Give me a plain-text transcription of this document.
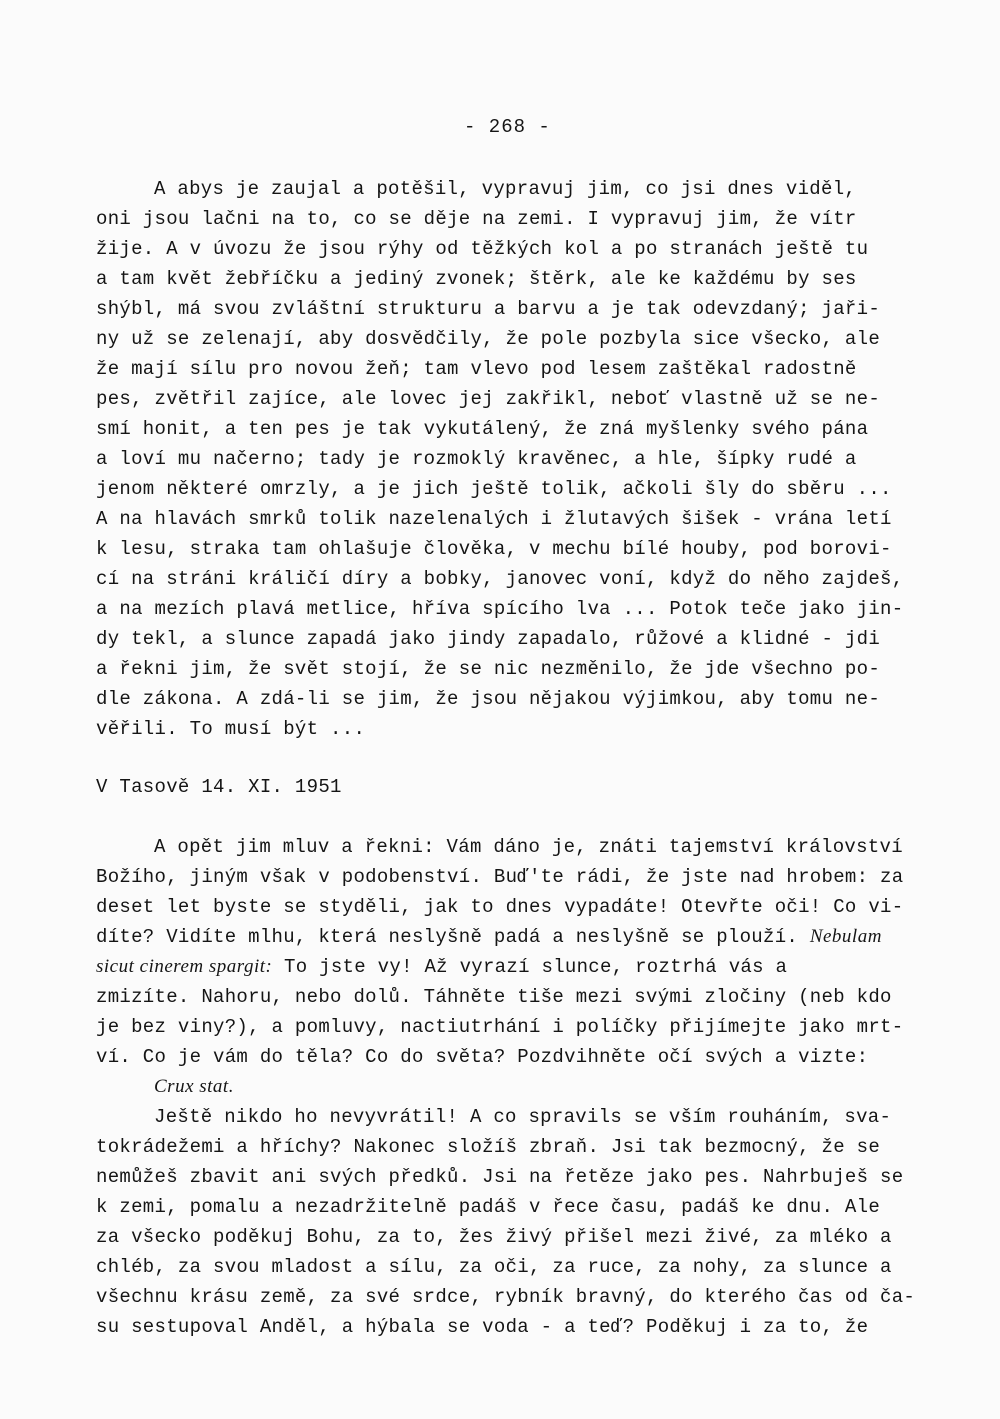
- 268 -
A abys je zaujal a potěšil, vypravuj jim, co jsi dnes viděl,
oni jsou lačni na to, co se děje na zemi. I vypravuj jim, že vítr
žije. A v úvozu že jsou rýhy od těžkých kol a po stranách ještě tu
a tam květ žebříčku a jediný zvonek; štěrk, ale ke každému by ses
shýbl, má svou zvláštní strukturu a barvu a je tak odevzdaný; jaři-
ny už se zelenají, aby dosvědčily, že pole pozbyla sice všecko, ale
že mají sílu pro novou žeň; tam vlevo pod lesem zaštěkal radostně
pes, zvětřil zajíce, ale lovec jej zakřikl, neboť vlastně už se ne-
smí honit, a ten pes je tak vykutálený, že zná myšlenky svého pána
a loví mu načerno; tady je rozmoklý kravěnec, a hle, šípky rudé a
jenom některé omrzly, a je jich ještě tolik, ačkoli šly do sběru ...
A na hlavách smrků tolik nazelenalých i žlutavých šišek - vrána letí
k lesu, straka tam ohlašuje člověka, v mechu bílé houby, pod borovi-
cí na stráni králičí díry a bobky, janovec voní, když do něho zajdeš,
a na mezích plavá metlice, hříva spícího lva ... Potok teče jako jin-
dy tekl, a slunce zapadá jako jindy zapadalo, růžové a klidné - jdi
a řekni jim, že svět stojí, že se nic nezměnilo, že jde všechno po-
dle zákona. A zdá-li se jim, že jsou nějakou výjimkou, aby tomu ne-
věřili. To musí být ...
V Tasově 14. XI. 1951
A opět jim mluv a řekni: Vám dáno je, znáti tajemství království
Božího, jiným však v podobenství. Buď'te rádi, že jste nad hrobem: za
deset let byste se styděli, jak to dnes vypadáte! Otevřte oči! Co vi-
díte? Vidíte mlhu, která neslyšně padá a neslyšně se plouží. Nebulam
sicut cinerem spargit: To jste vy! Až vyrazí slunce, roztrhá vás a
zmizíte. Nahoru, nebo dolů. Táhněte tiše mezi svými zločiny (neb kdo
je bez viny?), a pomluvy, nactiutrhání i políčky přijímejte jako mrt-
ví. Co je vám do těla? Co do světa? Pozdvihněte očí svých a vizte:
Crux stat.
Ještě nikdo ho nevyvrátil! A co spravils se vším rouháním, sva-
tokrádežemi a hříchy? Nakonec složíš zbraň. Jsi tak bezmocný, že se
nemůžeš zbavit ani svých předků. Jsi na řetěze jako pes. Nahrbuješ se
k zemi, pomalu a nezadržitelně padáš v řece času, padáš ke dnu. Ale
za všecko poděkuj Bohu, za to, žes živý přišel mezi živé, za mléko a
chléb, za svou mladost a sílu, za oči, za ruce, za nohy, za slunce a
všechnu krásu země, za své srdce, rybník bravný, do kterého čas od ča-
su sestupoval Anděl, a hýbala se voda - a teď? Poděkuj i za to, že
